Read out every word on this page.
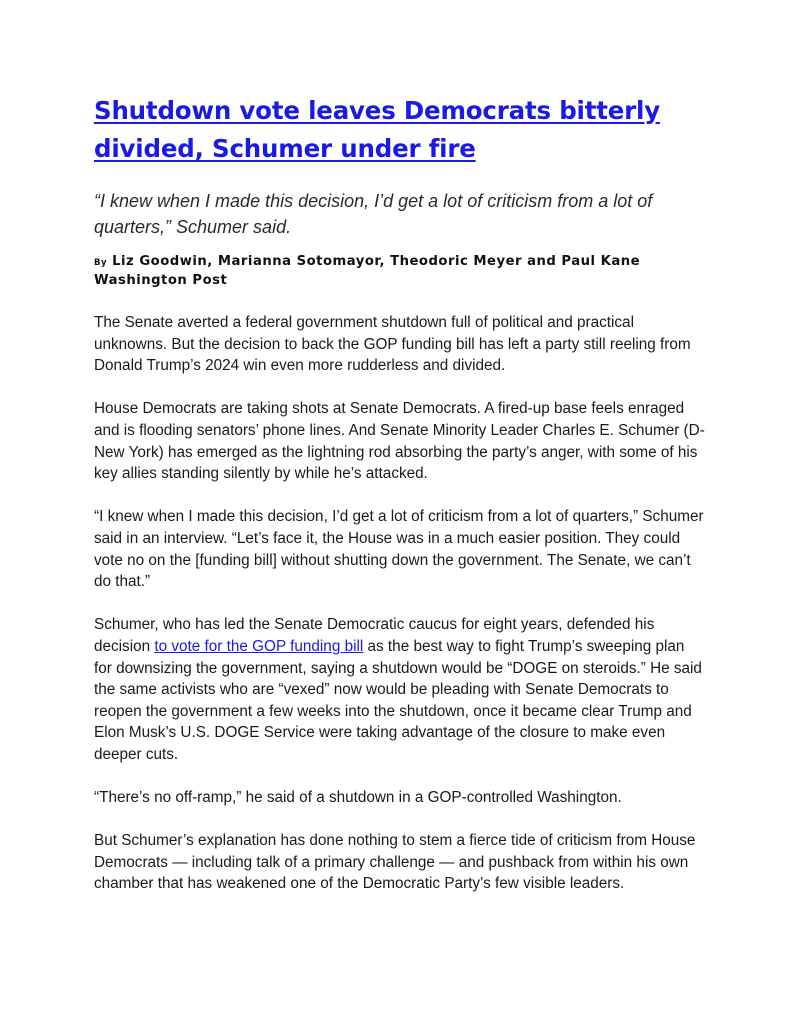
Shutdown vote leaves Democrats bitterly divided, Schumer under fire

“I knew when I made this decision, I’d get a lot of criticism from a lot of quarters,” Schumer said.

By Liz Goodwin, Marianna Sotomayor, Theodoric Meyer and Paul Kane
Washington Post

The Senate averted a federal government shutdown full of political and practical unknowns. But the decision to back the GOP funding bill has left a party still reeling from Donald Trump’s 2024 win even more rudderless and divided.

House Democrats are taking shots at Senate Democrats. A fired-up base feels enraged and is flooding senators’ phone lines. And Senate Minority Leader Charles E. Schumer (D-New York) has emerged as the lightning rod absorbing the party’s anger, with some of his key allies standing silently by while he’s attacked.

“I knew when I made this decision, I’d get a lot of criticism from a lot of quarters,” Schumer said in an interview. “Let’s face it, the House was in a much easier position. They could vote no on the [funding bill] without shutting down the government. The Senate, we can’t do that.”

Schumer, who has led the Senate Democratic caucus for eight years, defended his decision to vote for the GOP funding bill as the best way to fight Trump’s sweeping plan for downsizing the government, saying a shutdown would be “DOGE on steroids.” He said the same activists who are “vexed” now would be pleading with Senate Democrats to reopen the government a few weeks into the shutdown, once it became clear Trump and Elon Musk’s U.S. DOGE Service were taking advantage of the closure to make even deeper cuts.

“There’s no off-ramp,” he said of a shutdown in a GOP-controlled Washington.

But Schumer’s explanation has done nothing to stem a fierce tide of criticism from House Democrats — including talk of a primary challenge — and pushback from within his own chamber that has weakened one of the Democratic Party’s few visible leaders.
